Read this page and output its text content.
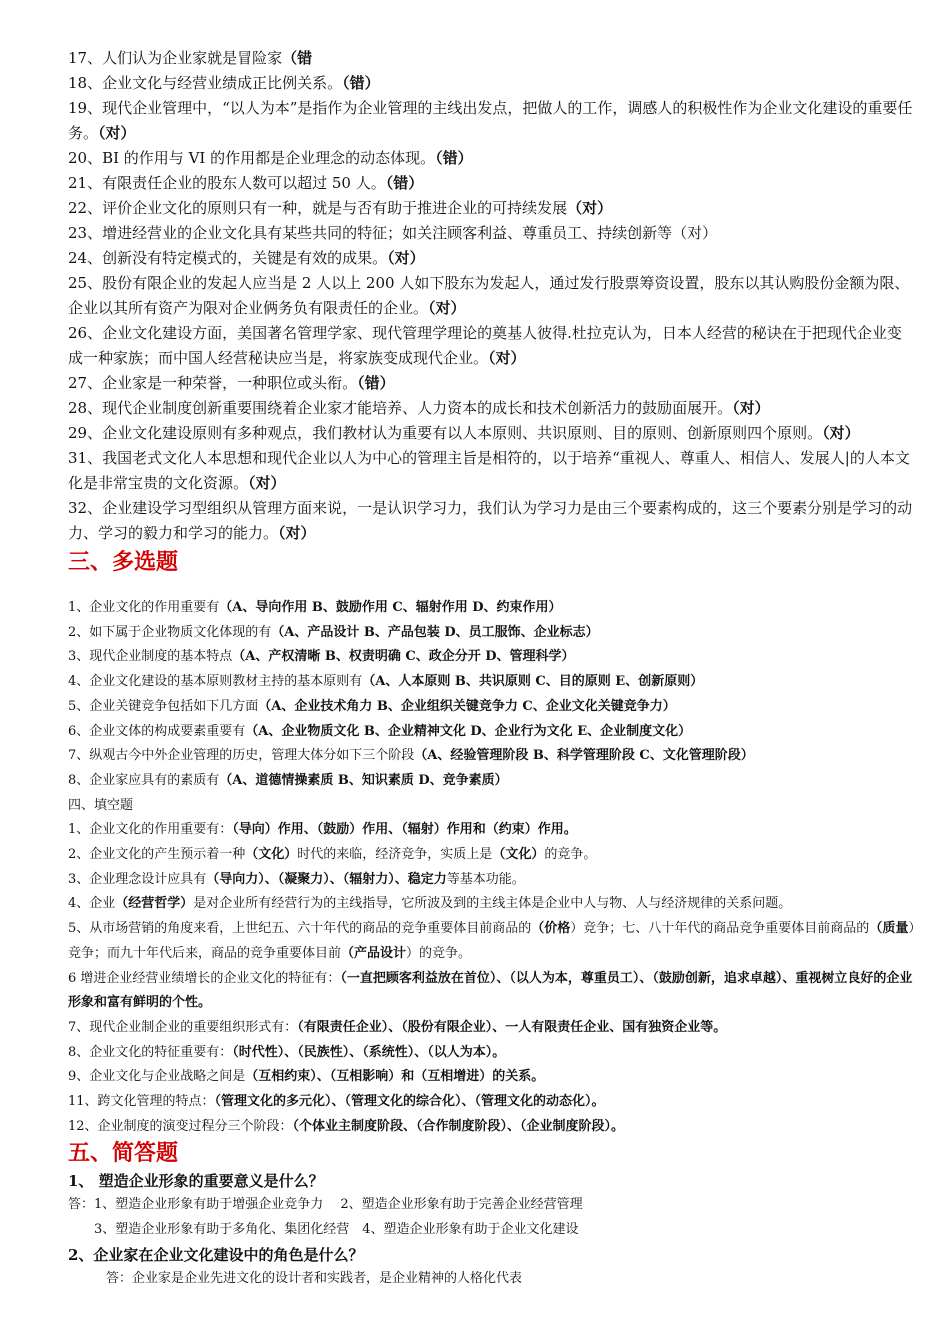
17、人们认为企业家就是冒险家（错

18、企业文化与经营业绩成正比例关系。（错）

19、现代企业管理中，“以人为本”是指作为企业管理的主线出发点，把做人的工作，调感人的积极性作为企业文化建设的重要任务。（对）

20、BI 的作用与 VI 的作用都是企业理念的动态体现。（错）

21、有限责任企业的股东人数可以超过 50 人。（错）

22、评价企业文化的原则只有一种，就是与否有助于推进企业的可持续发展（对）

23、增进经营业的企业文化具有某些共同的特征；如关注顾客利益、尊重员工、持续创新等（对）

24、创新没有特定模式的，关键是有效的成果。（对）

25、股份有限企业的发起人应当是 2 人以上 200 人如下股东为发起人，通过发行股票筹资设置，股东以其认购股份金额为限、企业以其所有资产为限对企业俩务负有限责任的企业。（对）

26、企业文化建设方面，美国著名管理学家、现代管理学理论的奠基人彼得.杜拉克认为，日本人经营的秘诀在于把现代企业变成一种家族；而中国人经营秘诀应当是，将家族变成现代企业。（对）

27、企业家是一种荣誉，一种职位或头衔。（错）

28、现代企业制度创新重要围绕着企业家才能培养、人力资本的成长和技术创新活力的鼓励面展开。（对）

29、企业文化建设原则有多种观点，我们教材认为重要有以人本原则、共识原则、目的原则、创新原则四个原则。（对）

31、我国老式文化人本思想和现代企业以人为中心的管理主旨是相符的，以于培养“重视人、尊重人、相信人、发展人|的人本文化是非常宝贵的文化资源。（对）

32、企业建设学习型组织从管理方面来说，一是认识学习力，我们认为学习力是由三个要素构成的，这三个要素分别是学习的动力、学习的毅力和学习的能力。（对）

三、多选题

1、企业文化的作用重要有（A、导向作用 B、鼓励作用 C、辐射作用 D、约束作用）

2、如下属于企业物质文化体现的有（A、产品设计 B、产品包装 D、员工服饰、企业标志）

3、现代企业制度的基本特点（A、产权清晰 B、权责明确 C、政企分开 D、管理科学）

4、企业文化建设的基本原则教材主持的基本原则有（A、人本原则 B、共识原则 C、目的原则 E、创新原则）

5、企业关键竞争包括如下几方面（A、企业技术角力 B、企业组织关键竞争力 C、企业文化关键竞争力）

6、企业文体的构成要素重要有（A、企业物质文化 B、企业精神文化 D、企业行为文化 E、企业制度文化）

7、纵观古今中外企业管理的历史，管理大体分如下三个阶段（A、经验管理阶段 B、科学管理阶段 C、文化管理阶段）

8、企业家应具有的素质有（A、道德情操素质 B、知识素质 D、竞争素质）

四、填空题

1、企业文化的作用重要有：（导向）作用、（鼓励）作用、（辐射）作用和（约束）作用。

2、企业文化的产生预示着一种（文化）时代的来临，经济竞争，实质上是（文化）的竞争。

3、企业理念设计应具有（导向力）、（凝聚力）、（辐射力）、稳定力等基本功能。

4、企业（经营哲学）是对企业所有经营行为的主线指导，它所波及到的主线主体是企业中人与物、人与经济规律的关系问题。

5、从市场营销的角度来看，上世纪五、六十年代的商品的竞争重要体目前商品的（价格）竞争；七、八十年代的商品竞争重要体目前商品的（质量）竞争；而九十年代后来，商品的竞争重要体目前（产品设计）的竞争。

6 增进企业经营业绩增长的企业文化的特征有：（一直把顾客利益放在首位）、（以人为本，尊重员工）、（鼓励创新，追求卓越）、重视树立良好的企业形象和富有鲜明的个性。

7、现代企业制企业的重要组织形式有：（有限责任企业）、（股份有限企业）、一人有限责任企业、国有独资企业等。

8、企业文化的特征重要有：（时代性）、（民族性）、（系统性）、（以人为本）。

9、企业文化与企业战略之间是（互相约束）、（互相影响）和（互相增进）的关系。

11、跨文化管理的特点：（管理文化的多元化）、（管理文化的综合化）、（管理文化的动态化）。

12、企业制度的演变过程分三个阶段：（个体业主制度阶段、（合作制度阶段）、（企业制度阶段）。

五、简答题

1、 塑造企业形象的重要意义是什么？

答：1、塑造企业形象有助于增强企业竞争力　 2、塑造企业形象有助于完善企业经营管理

3、塑造企业形象有助于多角化、集团化经营　4、塑造企业形象有助于企业文化建设

2、企业家在企业文化建设中的角色是什么？

答：企业家是企业先进文化的设计者和实践者，是企业精神的人格化代表
